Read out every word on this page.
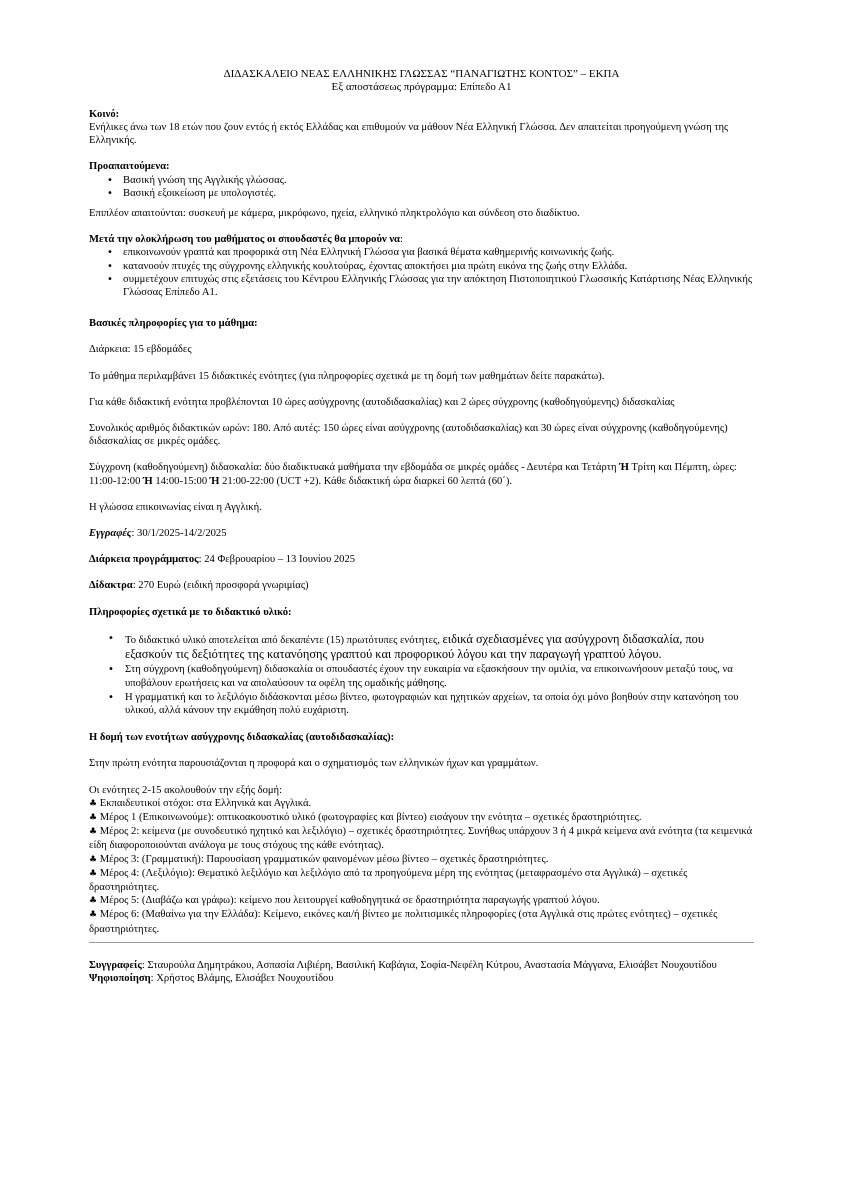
ΔΙΔΑΣΚΑΛΕΙΟ ΝΕΑΣ ΕΛΛΗΝΙΚΗΣ ΓΛΩΣΣΑΣ “ΠΑΝΑΓΙΩΤΗΣ ΚΟΝΤΟΣ” – ΕΚΠΑ
Εξ αποστάσεως πρόγραμμα: Επίπεδο Α1

Κοινό:

Ενήλικες άνω των 18 ετών που ζουν εντός ή εκτός Ελλάδας και επιθυμούν να μάθουν Νέα Ελληνική Γλώσσα. Δεν απαιτείται προηγούμενη γνώση της Ελληνικής.

Προαπαιτούμενα:

• Βασική γνώση της Αγγλικής γλώσσας.
• Βασική εξοικείωση με υπολογιστές.

Επιπλέον απαιτούνται: συσκευή με κάμερα, μικρόφωνο, ηχεία, ελληνικό πληκτρολόγιο και σύνδεση στο διαδίκτυο.

Μετά την ολοκλήρωση του μαθήματος οι σπουδαστές θα μπορούν να:

• επικοινωνούν γραπτά και προφορικά στη Νέα Ελληνική Γλώσσα για βασικά θέματα καθημερινής κοινωνικής ζωής.
• κατανοούν πτυχές της σύγχρονης ελληνικής κουλτούρας, έχοντας αποκτήσει μια πρώτη εικόνα της ζωής στην Ελλάδα.
• συμμετέχουν επιτυχώς στις εξετάσεις του Κέντρου Ελληνικής Γλώσσας για την απόκτηση Πιστοποιητικού Γλωσσικής Κατάρτισης Νέας Ελληνικής Γλώσσας Επίπεδο Α1.

Βασικές πληροφορίες για το μάθημα:

Διάρκεια: 15 εβδομάδες

Το μάθημα περιλαμβάνει 15 διδακτικές ενότητες (για πληροφορίες σχετικά με τη δομή των μαθημάτων δείτε παρακάτω).

Για κάθε διδακτική ενότητα προβλέπονται 10 ώρες ασύγχρονης (αυτοδιδασκαλίας) και 2 ώρες σύγχρονης (καθοδηγούμενης) διδασκαλίας

Συνολικός αριθμός διδακτικών ωρών: 180. Από αυτές: 150 ώρες είναι ασύγχρονης (αυτοδιδασκαλίας) και 30 ώρες είναι σύγχρονης (καθοδηγούμενης) διδασκαλίας σε μικρές ομάδες.

Σύγχρονη (καθοδηγούμενη) διδασκαλία: δύο διαδικτυακά μαθήματα την εβδομάδα σε μικρές ομάδες - Δευτέρα και Τετάρτη Ή Τρίτη και Πέμπτη, ώρες: 11:00-12:00 Ή 14:00-15:00 Ή 21:00-22:00 (UCT +2). Κάθε διδακτική ώρα διαρκεί 60 λεπτά (60΄).

Η γλώσσα επικοινωνίας είναι η Αγγλική.

Εγγραφές: 30/1/2025-14/2/2025

Διάρκεια προγράμματος: 24 Φεβρουαρίου – 13 Ιουνίου 2025

Δίδακτρα: 270 Ευρώ (ειδική προσφορά γνωριμίας)

Πληροφορίες σχετικά με το διδακτικό υλικό:

• Το διδακτικό υλικό αποτελείται από δεκαπέντε (15) πρωτότυπες ενότητες, ειδικά σχεδιασμένες για ασύγχρονη διδασκαλία, που εξασκούν τις δεξιότητες της κατανόησης γραπτού και προφορικού λόγου και την παραγωγή γραπτού λόγου.
• Στη σύγχρονη (καθοδηγούμενη) διδασκαλία οι σπουδαστές έχουν την ευκαιρία να εξασκήσουν την ομιλία, να επικοινωνήσουν μεταξύ τους, να υποβάλουν ερωτήσεις και να απολαύσουν τα οφέλη της ομαδικής μάθησης.
• Η γραμματική και το λεξιλόγιο διδάσκονται μέσω βίντεο, φωτογραφιών και ηχητικών αρχείων, τα οποία όχι μόνο βοηθούν στην κατανόηση του υλικού, αλλά κάνουν την εκμάθηση πολύ ευχάριστη.

Η δομή των ενοτήτων ασύγχρονης διδασκαλίας (αυτοδιδασκαλίας):

Στην πρώτη ενότητα παρουσιάζονται η προφορά και ο σχηματισμός των ελληνικών ήχων και γραμμάτων.

Οι ενότητες 2-15 ακολουθούν την εξής δομή:

♣ Εκπαιδευτικοί στόχοι: στα Ελληνικά και Αγγλικά.

♣ Μέρος 1 (Επικοινωνούμε): οπτικοακουστικό υλικό (φωτογραφίες και βίντεο) εισάγουν την ενότητα – σχετικές δραστηριότητες.

♣ Μέρος 2: κείμενα (με συνοδευτικό ηχητικό και λεξιλόγιο) – σχετικές δραστηριότητες. Συνήθως υπάρχουν 3 ή 4 μικρά κείμενα ανά ενότητα (τα κειμενικά είδη διαφοροποιούνται ανάλογα με τους στόχους της κάθε ενότητας).

♣ Μέρος 3: (Γραμματική): Παρουσίαση γραμματικών φαινομένων μέσω βίντεο – σχετικές δραστηριότητες.

♣ Μέρος 4: (Λεξιλόγιο): Θεματικό λεξιλόγιο και λεξιλόγιο από τα προηγούμενα μέρη της ενότητας (μεταφρασμένο στα Αγγλικά) – σχετικές δραστηριότητες.

♣ Μέρος 5: (Διαβάζω και γράφω): κείμενο που λειτουργεί καθοδηγητικά σε δραστηριότητα παραγωγής γραπτού λόγου.

♣ Μέρος 6: (Μαθαίνω για την Ελλάδα): Κείμενο, εικόνες και/ή βίντεο με πολιτισμικές πληροφορίες (στα Αγγλικά στις πρώτες ενότητες) – σχετικές δραστηριότητες.

Συγγραφείς: Σταυρούλα Δημητράκου, Ασπασία Λιβιέρη, Βασιλική Καβάγια, Σοφία-Νεφέλη Κύτρου, Αναστασία Μάγγανα, Ελισάβετ Νουχουτίδου

Ψηφιοποίηση: Χρήστος Βλάμης, Ελισάβετ Νουχουτίδου
